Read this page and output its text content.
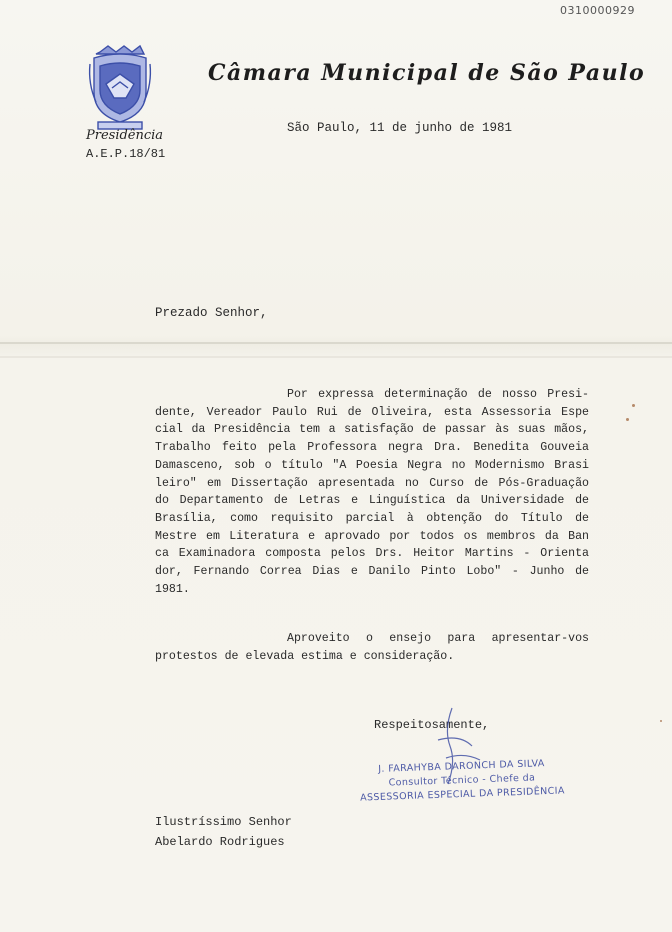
0310000929
Câmara Municipal de São Paulo
Presidência
A.E.P.18/81
São Paulo, 11 de junho de 1981
Prezado Senhor,
Por expressa determinação de nosso Presi-
dente, Vereador Paulo Rui de Oliveira, esta Assessoria Espe
cial da Presidência tem a satisfação de passar às suas mãos,
Trabalho feito pela Professora negra Dra. Benedita Gouveia
Damasceno, sob o título "A Poesia Negra no Modernismo Brasi
leiro" em Dissertação apresentada no Curso de Pós-Graduação
do Departamento de Letras e Linguística da Universidade de
Brasília, como requisito parcial à obtenção do Título de
Mestre em Literatura e aprovado por todos os membros da Ban
ca Examinadora composta pelos Drs. Heitor Martins - Orienta
dor, Fernando Correa Dias e Danilo Pinto Lobo" - Junho de
1981.
Aproveito o ensejo para apresentar-vos
protestos de elevada estima e consideração.
Respeitosamente,
J. FARAHYBA DARONCH DA SILVA
Consultor Técnico - Chefe da
ASSESSORIA ESPECIAL DA PRESIDÊNCIA
Ilustríssimo Senhor
Abelardo Rodrigues
